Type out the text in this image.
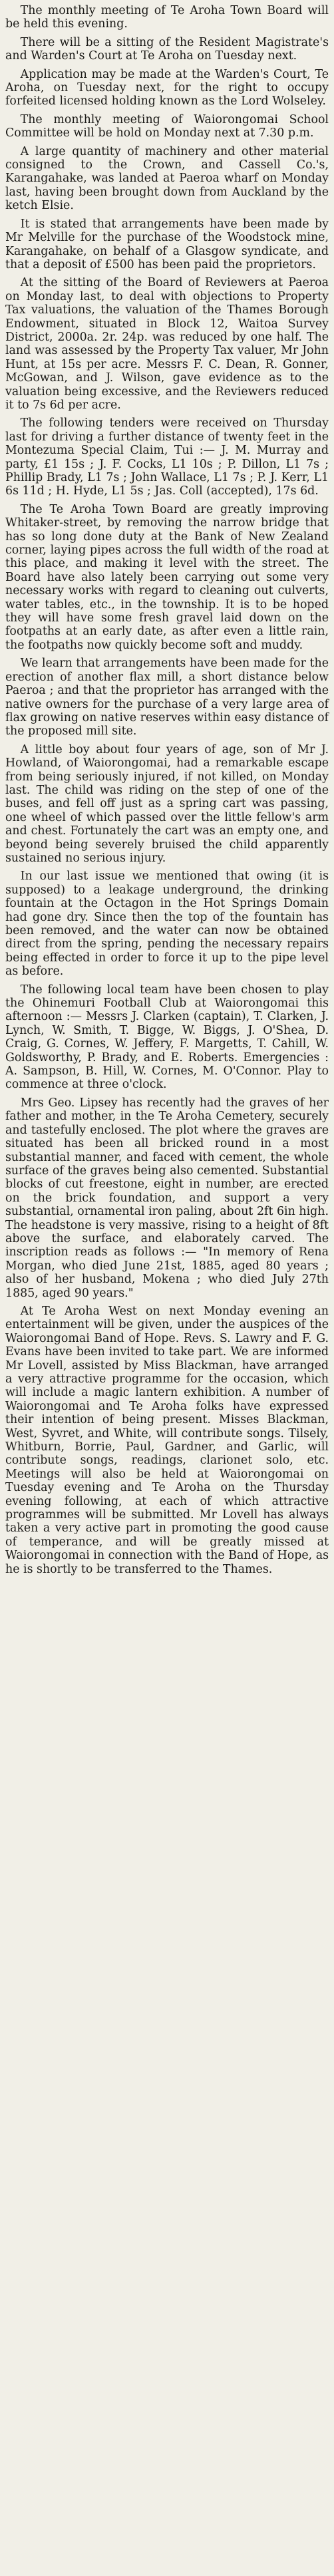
The monthly meeting of Te Aroha Town Board will be held this evening.

There will be a sitting of the Resident Magistrate's and Warden's Court at Te Aroha on Tuesday next.

Application may be made at the Warden's Court, Te Aroha, on Tuesday next, for the right to occupy forfeited licensed holding known as the Lord Wolseley.

The monthly meeting of Waiorongomai School Committee will be hold on Monday next at 7.30 p.m.

A large quantity of machinery and other material consigned to the Crown, and Cassell Co.'s, Karangahake, was landed at Paeroa wharf on Monday last, having been brought down from Auckland by the ketch Elsie.

It is stated that arrangements have been made by Mr Melville for the purchase of the Woodstock mine, Karangahake, on behalf of a Glasgow syndicate, and that a deposit of £500 has been paid the proprietors.

At the sitting of the Board of Reviewers at Paeroa on Monday last, to deal with objections to Property Tax valuations, the valuation of the Thames Borough Endowment, situated in Block 12, Waitoa Survey District, 2000a. 2r. 24p. was reduced by one half. The land was assessed by the Property Tax valuer, Mr John Hunt, at 15s per acre. Messrs F. C. Dean, R. Gonner, McGowan, and J. Wilson, gave evidence as to the valuation being excessive, and the Reviewers reduced it to 7s 6d per acre.

The following tenders were received on Thursday last for driving a further distance of twenty feet in the Montezuma Special Claim, Tui :— J. M. Murray and party, £1 15s ; J. F. Cocks, L1 10s ; P. Dillon, L1 7s ; Phillip Brady, L1 7s ; John Wallace, L1 7s ; P. J. Kerr, L1 6s 11d ; H. Hyde, L1 5s ; Jas. Coll (accepted), 17s 6d.

The Te Aroha Town Board are greatly improving Whitaker-street, by removing the narrow bridge that has so long done duty at the Bank of New Zealand corner, laying pipes across the full width of the road at this place, and making it level with the street. The Board have also lately been carrying out some very necessary works with regard to cleaning out culverts, water tables, etc., in the township. It is to be hoped they will have some fresh gravel laid down on the footpaths at an early date, as after even a little rain, the footpaths now quickly become soft and muddy.

We learn that arrangements have been made for the erection of another flax mill, a short distance below Paeroa ; and that the proprietor has arranged with the native owners for the purchase of a very large area of flax growing on native reserves within easy distance of the proposed mill site.

A little boy about four years of age, son of Mr J. Howland, of Waiorongomai, had a remarkable escape from being seriously injured, if not killed, on Monday last. The child was riding on the step of one of the buses, and fell off just as a spring cart was passing, one wheel of which passed over the little fellow's arm and chest. Fortunately the cart was an empty one, and beyond being severely bruised the child apparently sustained no serious injury.

In our last issue we mentioned that owing (it is supposed) to a leakage underground, the drinking fountain at the Octagon in the Hot Springs Domain had gone dry. Since then the top of the fountain has been removed, and the water can now be obtained direct from the spring, pending the necessary repairs being effected in order to force it up to the pipe level as before.

The following local team have been chosen to play the Ohinemuri Football Club at Waiorongomai this afternoon :— Messrs J. Clarken (captain), T. Clarken, J. Lynch, W. Smith, T. Bigge, W. Biggs, J. O'Shea, D. Craig, G. Cornes, W. Jeffery, F. Margetts, T. Cahill, W. Goldsworthy, P. Brady, and E. Roberts. Emergencies : A. Sampson, B. Hill, W. Cornes, M. O'Connor. Play to commence at three o'clock.

Mrs Geo. Lipsey has recently had the graves of her father and mother, in the Te Aroha Cemetery, securely and tastefully enclosed. The plot where the graves are situated has been all bricked round in a most substantial manner, and faced with cement, the whole surface of the graves being also cemented. Substantial blocks of cut freestone, eight in number, are erected on the brick foundation, and support a very substantial, ornamental iron paling, about 2ft 6in high. The headstone is very massive, rising to a height of 8ft above the surface, and elaborately carved. The inscription reads as follows :— "In memory of Rena Morgan, who died June 21st, 1885, aged 80 years ; also of her husband, Mokena ; who died July 27th 1885, aged 90 years."

At Te Aroha West on next Monday evening an entertainment will be given, under the auspices of the Waiorongomai Band of Hope. Revs. S. Lawry and F. G. Evans have been invited to take part. We are informed Mr Lovell, assisted by Miss Blackman, have arranged a very attractive programme for the occasion, which will include a magic lantern exhibition. A number of Waiorongomai and Te Aroha folks have expressed their intention of being present. Misses Blackman, West, Syvret, and White, will contribute songs. Tilsely, Whitburn, Borrie, Paul, Gardner, and Garlic, will contribute songs, readings, clarionet solo, etc. Meetings will also be held at Waiorongomai on Tuesday evening and Te Aroha on the Thursday evening following, at each of which attractive programmes will be submitted. Mr Lovell has always taken a very active part in promoting the good cause of temperance, and will be greatly missed at Waiorongomai in connection with the Band of Hope, as he is shortly to be transferred to the Thames.
